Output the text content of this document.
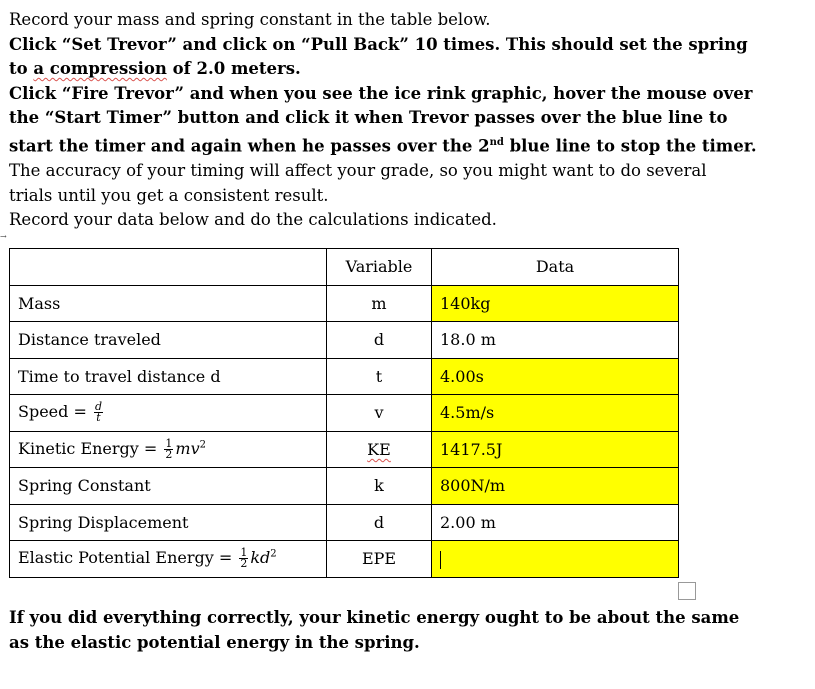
Record your mass and spring constant in the table below.
Click “Set Trevor” and click on “Pull Back” 10 times. This should set the spring
to a compression of 2.0 meters.
Click “Fire Trevor” and when you see the ice rink graphic, hover the mouse over
the “Start Timer” button and click it when Trevor passes over the blue line to
start the timer and again when he passes over the 2nd blue line to stop the timer.
The accuracy of your timing will affect your grade, so you might want to do several
trials until you get a consistent result.
Record your data below and do the calculations indicated.
→
	Variable	Data
Mass	m	140kg
Distance traveled	d	18.0 m
Time to travel distance d	t	4.00s
Speed = $\frac{d}{t}$	v	4.5m/s
Kinetic Energy = $\frac{1}{2} mv^2$	KE	1417.5J
Spring Constant	k	800N/m
Spring Displacement	d	2.00 m
Elastic Potential Energy = $\frac{1}{2} kd^2$	EPE	
If you did everything correctly, your kinetic energy ought to be about the same
as the elastic potential energy in the spring.
